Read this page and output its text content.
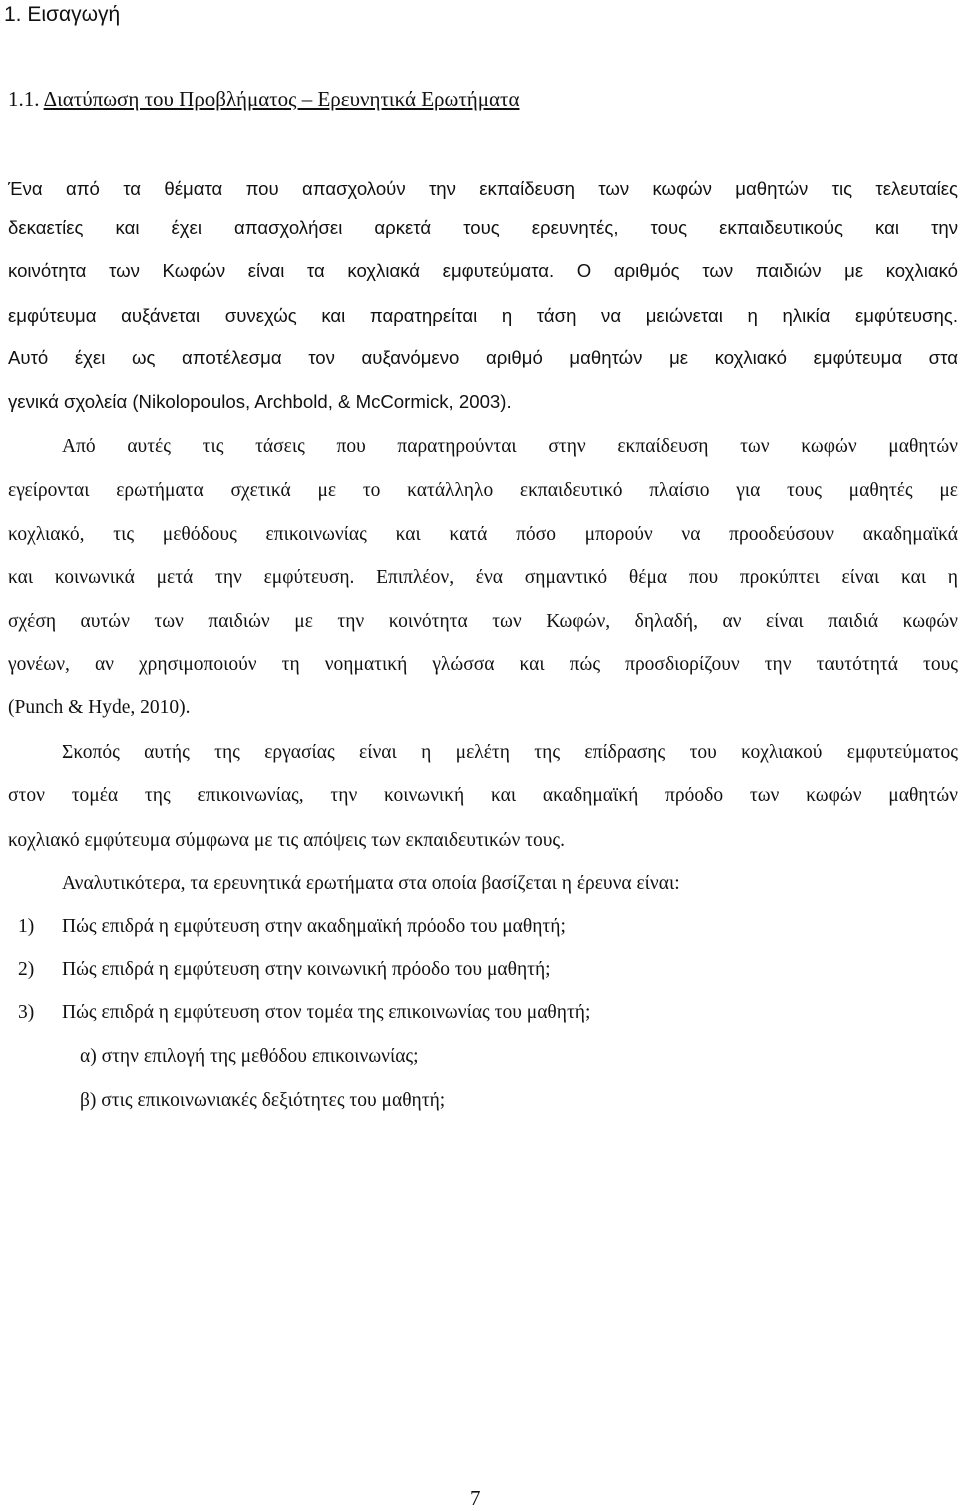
1. Εισαγωγή
1.1. Διατύπωση του Προβλήματος – Ερευνητικά Ερωτήματα

Ένα από τα θέματα που απασχολούν την εκπαίδευση των κωφών μαθητών τις τελευταίες

δεκαετίες και έχει απασχολήσει αρκετά τους ερευνητές, τους εκπαιδευτικούς και την

κοινότητα των Κωφών είναι τα κοχλιακά εμφυτεύματα. Ο αριθμός των παιδιών με κοχλιακό

εμφύτευμα αυξάνεται συνεχώς και παρατηρείται η τάση να μειώνεται η ηλικία εμφύτευσης.

Αυτό έχει ως αποτέλεσμα τον αυξανόμενο αριθμό μαθητών με κοχλιακό εμφύτευμα στα

γενικά σχολεία (Nikolopoulos, Archbold, & McCormick, 2003).

Από αυτές τις τάσεις που παρατηρούνται στην εκπαίδευση των κωφών μαθητών

εγείρονται ερωτήματα σχετικά με το κατάλληλο εκπαιδευτικό πλαίσιο για τους μαθητές με

κοχλιακό, τις μεθόδους επικοινωνίας και κατά πόσο μπορούν να προοδεύσουν ακαδημαϊκά

και κοινωνικά μετά την εμφύτευση. Επιπλέον, ένα σημαντικό θέμα που προκύπτει είναι και η

σχέση αυτών των παιδιών με την κοινότητα των Κωφών, δηλαδή, αν είναι παιδιά κωφών

γονέων, αν χρησιμοποιούν τη νοηματική γλώσσα και πώς προσδιορίζουν την ταυτότητά τους

(Punch & Hyde, 2010).

Σκοπός αυτής της εργασίας είναι η μελέτη της επίδρασης του κοχλιακού εμφυτεύματος

στον τομέα της επικοινωνίας, την κοινωνική και ακαδημαϊκή πρόοδο των κωφών μαθητών

κοχλιακό εμφύτευμα σύμφωνα με τις απόψεις των εκπαιδευτικών τους.

Αναλυτικότερα, τα ερευνητικά ερωτήματα στα οποία βασίζεται η έρευνα είναι:

1)	Πώς επιδρά η εμφύτευση στην ακαδημαϊκή πρόοδο του μαθητή;
2)	Πώς επιδρά η εμφύτευση στην κοινωνική πρόοδο του μαθητή;
3)	Πώς επιδρά η εμφύτευση στον τομέα της επικοινωνίας του μαθητή;
α) στην επιλογή της μεθόδου επικοινωνίας;
β) στις επικοινωνιακές δεξιότητες του μαθητή;
7
